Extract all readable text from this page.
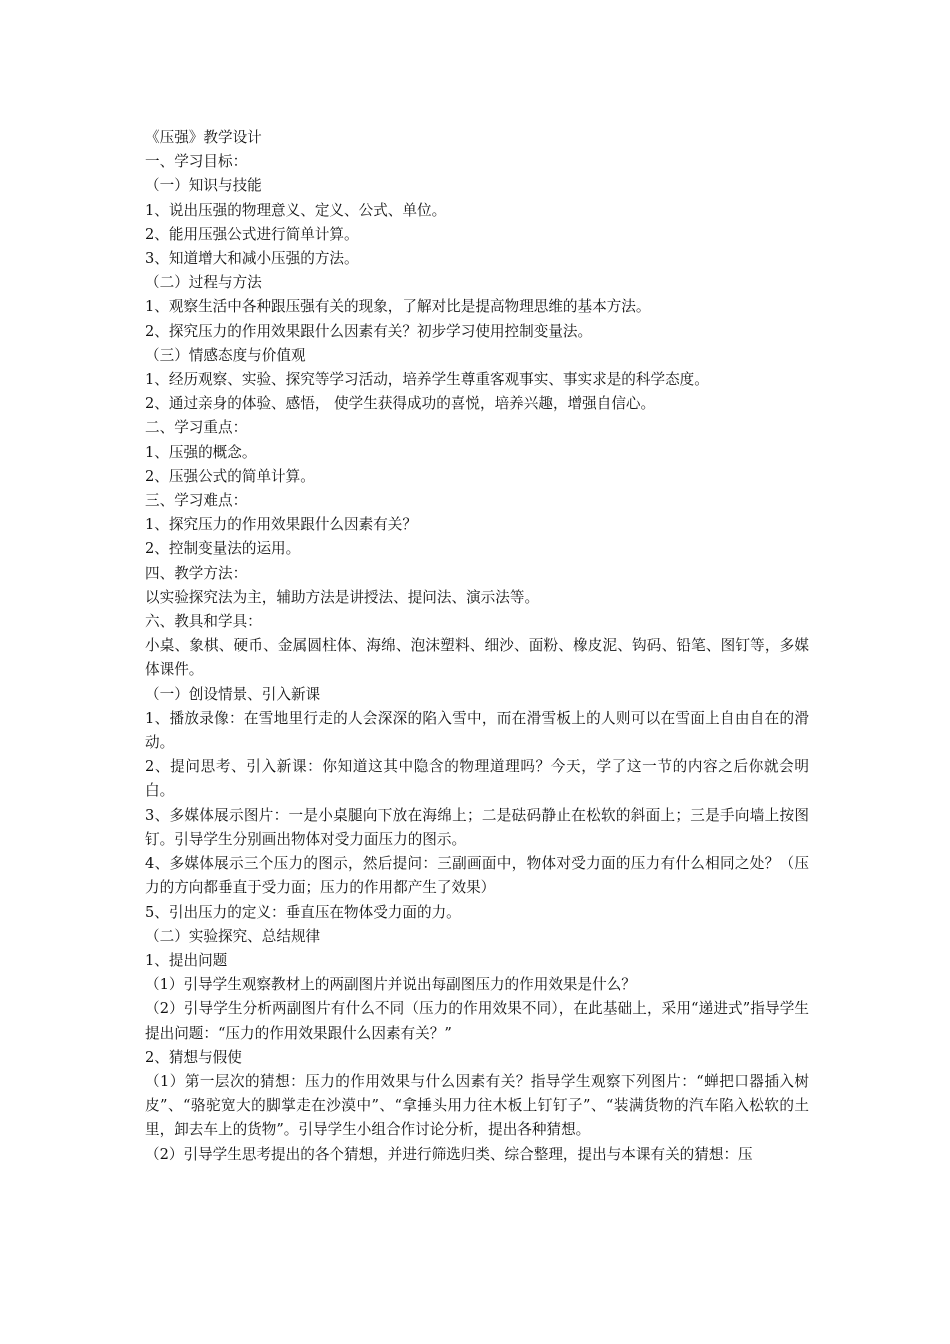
《压强》教学设计

一、学习目标：

（一）知识与技能

1、说出压强的物理意义、定义、公式、单位。

2、能用压强公式进行简单计算。

3、知道增大和减小压强的方法。

（二）过程与方法

1、观察生活中各种跟压强有关的现象，了解对比是提高物理思维的基本方法。

2、探究压力的作用效果跟什么因素有关？初步学习使用控制变量法。

（三）情感态度与价值观

1、经历观察、实验、探究等学习活动，培养学生尊重客观事实、事实求是的科学态度。

2、通过亲身的体验、感悟， 使学生获得成功的喜悦，培养兴趣，增强自信心。

二、学习重点：

1、压强的概念。

2、压强公式的简单计算。

三、学习难点：

1、探究压力的作用效果跟什么因素有关？

2、控制变量法的运用。

四、教学方法：

以实验探究法为主，辅助方法是讲授法、提问法、演示法等。

六、教具和学具：

小桌、象棋、硬币、金属圆柱体、海绵、泡沫塑料、细沙、面粉、橡皮泥、钩码、铅笔、图钉等，多媒体课件。

（一）创设情景、引入新课

1、播放录像：在雪地里行走的人会深深的陷入雪中，而在滑雪板上的人则可以在雪面上自由自在的滑动。

2、提问思考、引入新课：你知道这其中隐含的物理道理吗？今天，学了这一节的内容之后你就会明白。

3、多媒体展示图片：一是小桌腿向下放在海绵上；二是砝码静止在松软的斜面上；三是手向墙上按图钉。引导学生分别画出物体对受力面压力的图示。

4、多媒体展示三个压力的图示，然后提问：三副画面中，物体对受力面的压力有什么相同之处？（压力的方向都垂直于受力面；压力的作用都产生了效果）

5、引出压力的定义：垂直压在物体受力面的力。

（二）实验探究、总结规律

1、提出问题

（1）引导学生观察教材上的两副图片并说出每副图压力的作用效果是什么？

（2）引导学生分析两副图片有什么不同（压力的作用效果不同），在此基础上，采用“递进式”指导学生提出问题：“压力的作用效果跟什么因素有关？”

2、猜想与假使

（1）第一层次的猜想：压力的作用效果与什么因素有关？指导学生观察下列图片：“蝉把口器插入树皮”、“骆驼宽大的脚掌走在沙漠中”、“拿捶头用力往木板上钉钉子”、“装满货物的汽车陷入松软的土里，卸去车上的货物”。引导学生小组合作讨论分析，提出各种猜想。

（2）引导学生思考提出的各个猜想，并进行筛选归类、综合整理，提出与本课有关的猜想：压
